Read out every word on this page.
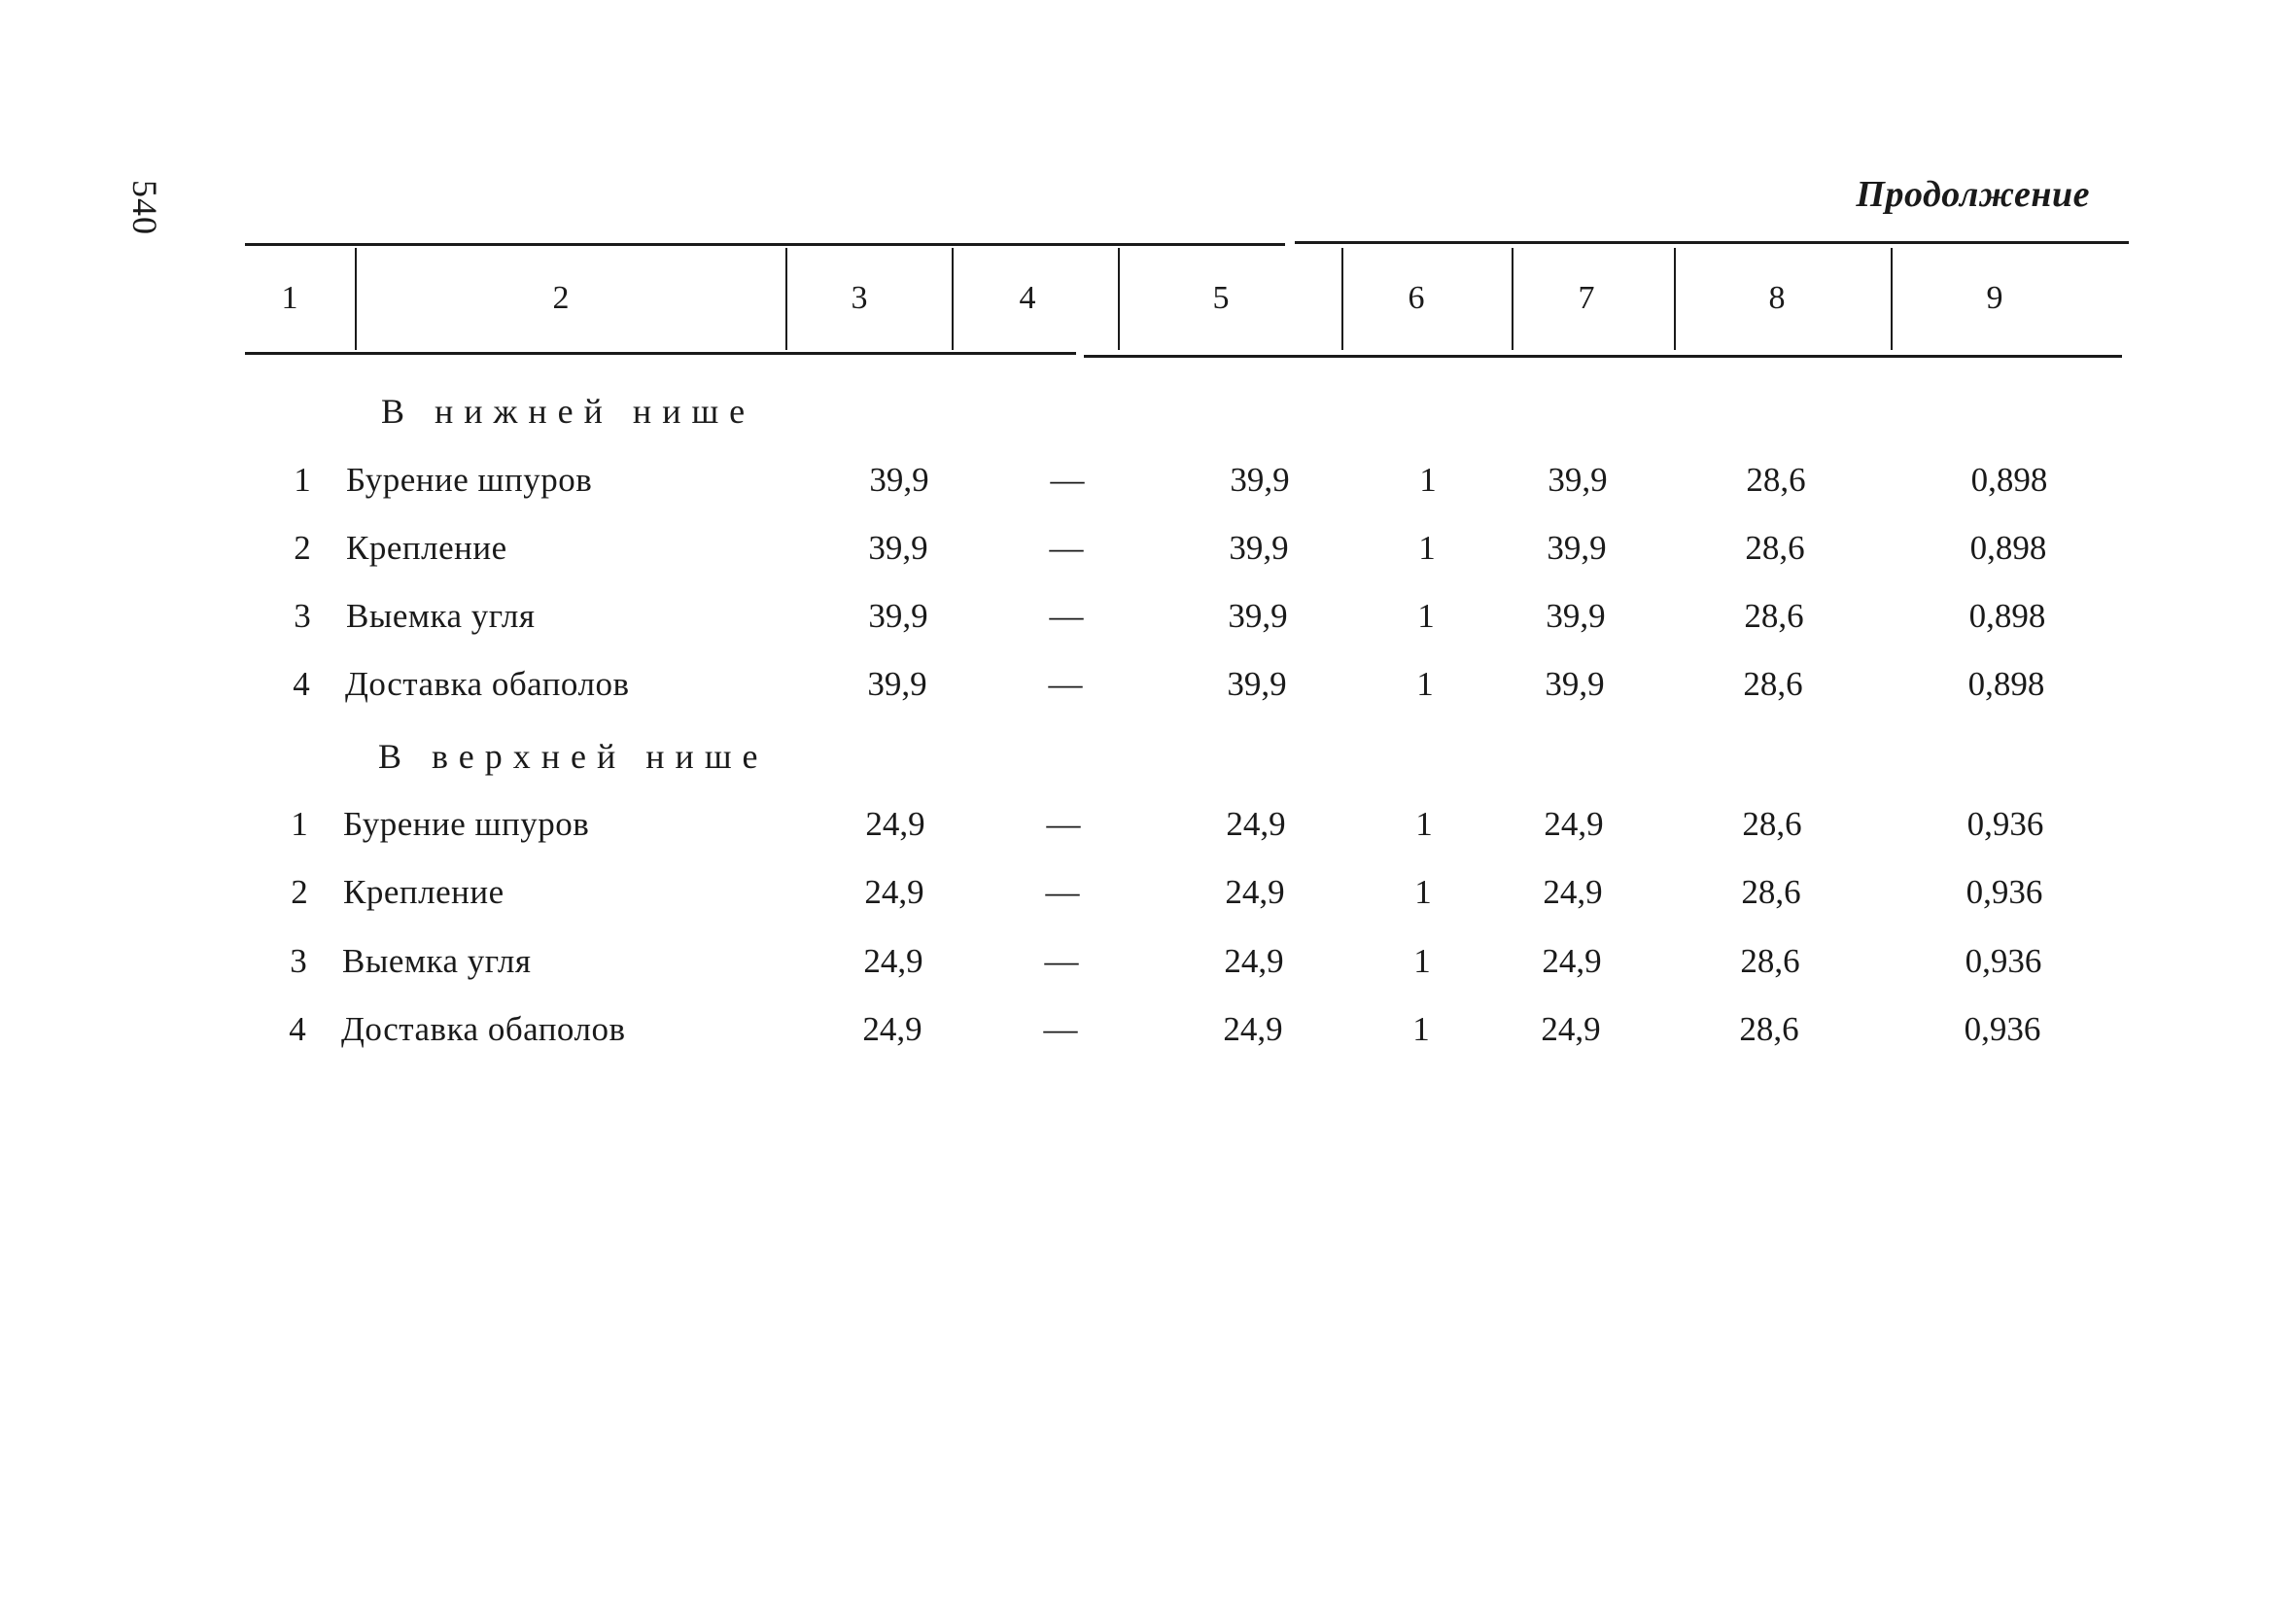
540	Продолжение
1	2	3	4	5	6	7	8	9
В нижней нише
1 Бурение шпуров	39,9	—	39,9	1	39,9	28,6	0,898
2 Крепление	39,9	—	39,9	1	39,9	28,6	0,898
3 Выемка угля	39,9	—	39,9	1	39,9	28,6	0,898
4 Доставка обаполов	39,9	—	39,9	1	39,9	28,6	0,898
В верхней нише
1 Бурение шпуров	24,9	—	24,9	1	24,9	28,6	0,936
2 Крепление	24,9	—	24,9	1	24,9	28,6	0,936
3 Выемка угля	24,9	—	24,9	1	24,9	28,6	0,936
4 Доставка обаполов	24,9	—	24,9	1	24,9	28,6	0,936
